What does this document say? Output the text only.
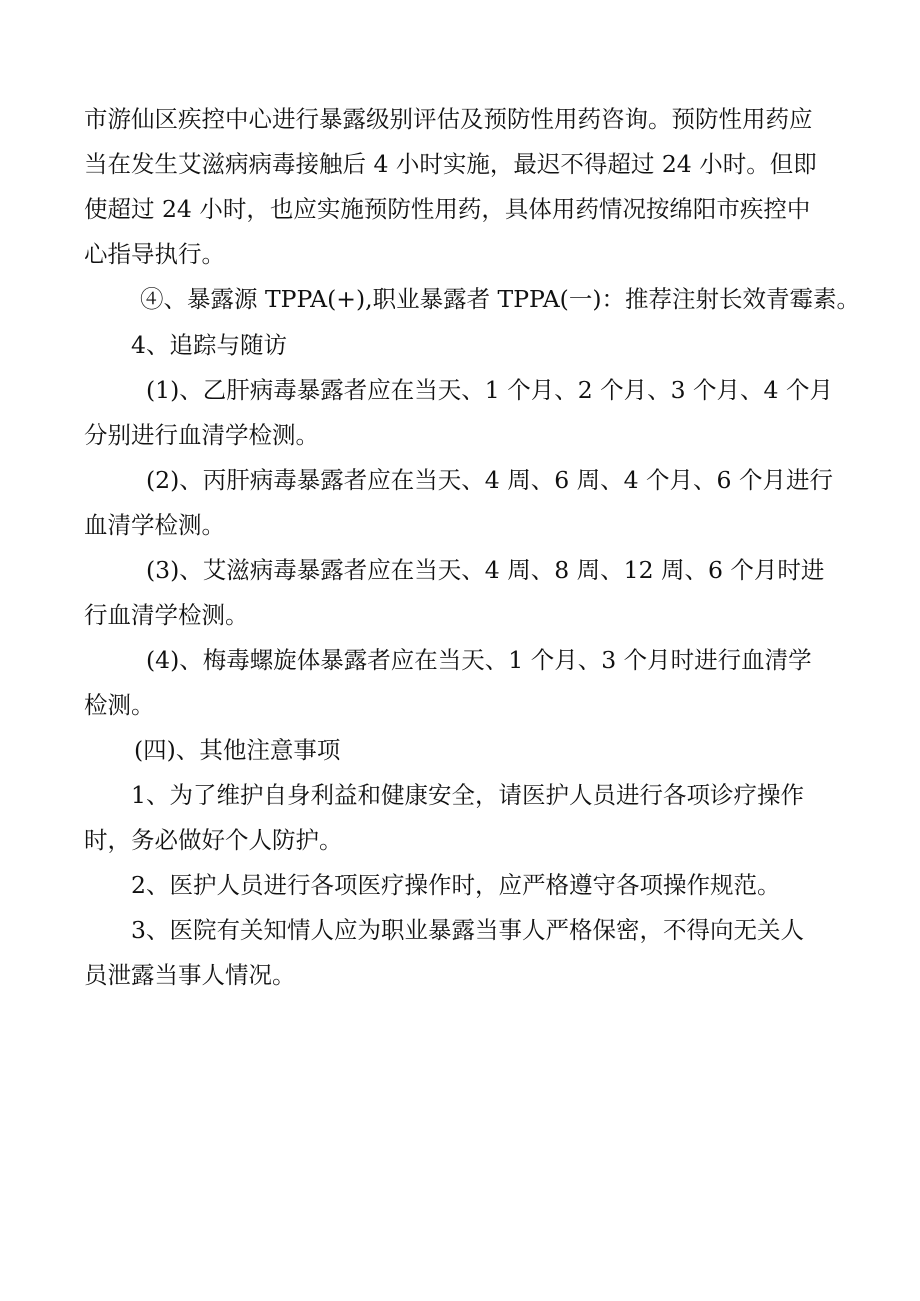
市游仙区疾控中心进行暴露级别评估及预防性用药咨询。预防性用药应
当在发生艾滋病病毒接触后 4 小时实施，最迟不得超过 24 小时。但即
使超过 24 小时，也应实施预防性用药，具体用药情况按绵阳市疾控中
心指导执行。
④、暴露源 TPPA(+),职业暴露者 TPPA(一)：推荐注射长效青霉素。
4、追踪与随访
(1)、乙肝病毒暴露者应在当天、1 个月、2 个月、3 个月、4 个月
分别进行血清学检测。
(2)、丙肝病毒暴露者应在当天、4 周、6 周、4 个月、6 个月进行
血清学检测。
(3)、艾滋病毒暴露者应在当天、4 周、8 周、12 周、6 个月时进
行血清学检测。
(4)、梅毒螺旋体暴露者应在当天、1 个月、3 个月时进行血清学
检测。
(四)、其他注意事项
1、为了维护自身利益和健康安全，请医护人员进行各项诊疗操作
时，务必做好个人防护。
2、医护人员进行各项医疗操作时，应严格遵守各项操作规范。
3、医院有关知情人应为职业暴露当事人严格保密，不得向无关人
员泄露当事人情况。
